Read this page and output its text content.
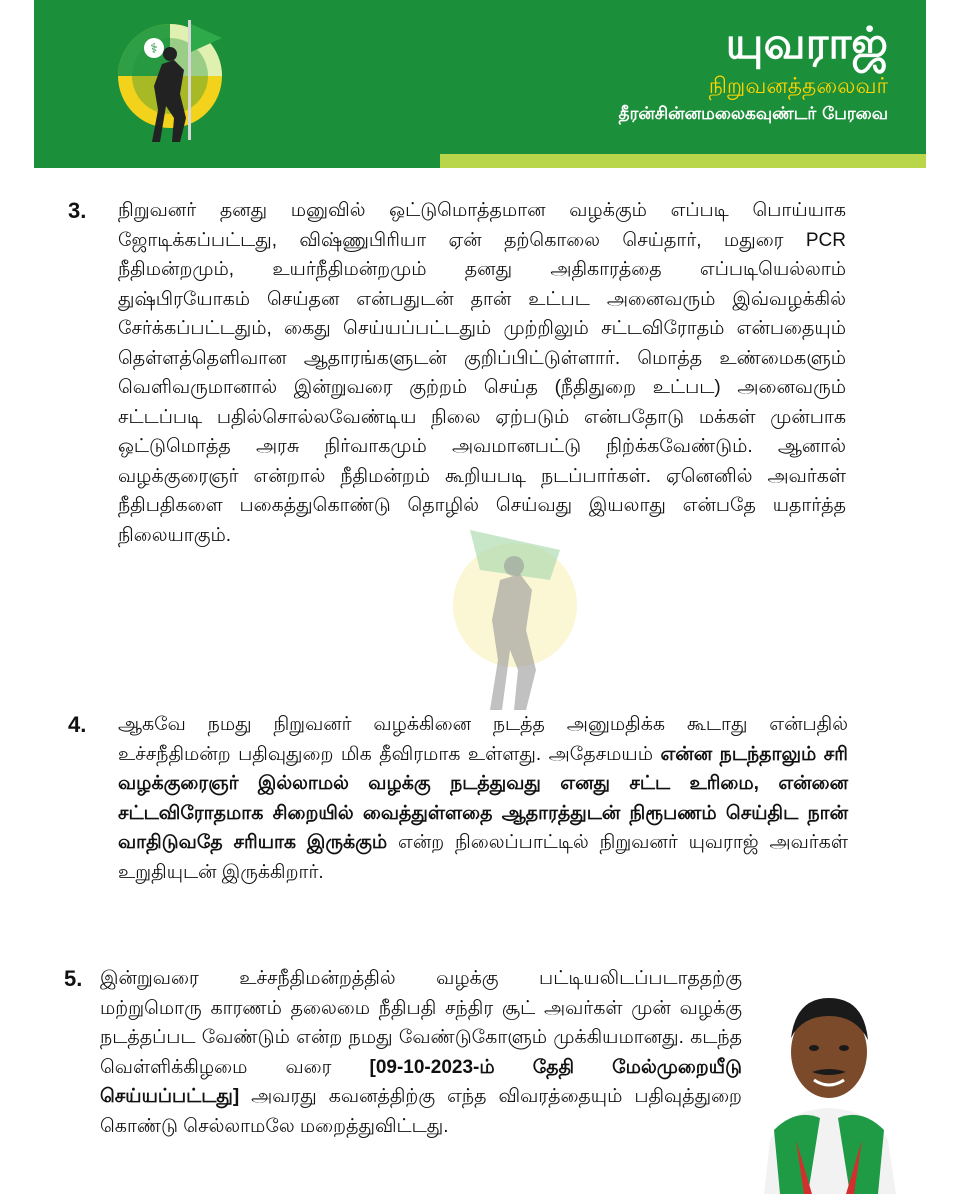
⚕	யுவராஜ்
நிறுவனத்தலைவர்
தீரன்சின்னமலைகவுண்டர் பேரவை
3. நிறுவனர் தனது மனுவில் ஒட்டுமொத்தமான வழக்கும் எப்படி பொய்யாக ஜோடிக்கப்பட்டது, விஷ்ணுபிரியா ஏன் தற்கொலை செய்தார், மதுரை PCR நீதிமன்றமும், உயர்நீதிமன்றமும் தனது அதிகாரத்தை எப்படியெல்லாம் துஷ்பிரயோகம் செய்தன என்பதுடன் தான் உட்பட அனைவரும் இவ்வழக்கில் சேர்க்கப்பட்டதும், கைது செய்யப்பட்டதும் முற்றிலும் சட்டவிரோதம் என்பதையும் தெள்ளத்தெளிவான ஆதாரங்களுடன் குறிப்பிட்டுள்ளார். மொத்த உண்மைகளும் வெளிவருமானால் இன்றுவரை குற்றம் செய்த (நீதிதுறை உட்பட) அனைவரும் சட்டப்படி பதில்சொல்லவேண்டிய நிலை ஏற்படும் என்பதோடு மக்கள் முன்பாக ஒட்டுமொத்த அரசு நிர்வாகமும் அவமானபட்டு நிற்க்கவேண்டும். ஆனால் வழக்குரைஞர் என்றால் நீதிமன்றம் கூறியபடி நடப்பார்கள். ஏனெனில் அவர்கள் நீதிபதிகளை பகைத்துகொண்டு தொழில் செய்வது இயலாது என்பதே யதார்த்த நிலையாகும்.
4. ஆகவே நமது நிறுவனர் வழக்கினை நடத்த அனுமதிக்க கூடாது என்பதில் உச்சநீதிமன்ற பதிவுதுறை மிக தீவிரமாக உள்ளது. அதேசமயம் என்ன நடந்தாலும் சரி வழக்குரைஞர் இல்லாமல் வழக்கு நடத்துவது எனது சட்ட உரிமை, என்னை சட்டவிரோதமாக சிறையில் வைத்துள்ளதை ஆதாரத்துடன் நிரூபணம் செய்திட நான் வாதிடுவதே சரியாக இருக்கும் என்ற நிலைப்பாட்டில் நிறுவனர் யுவராஜ் அவர்கள் உறுதியுடன் இருக்கிறார்.
5. இன்றுவரை உச்சநீதிமன்றத்தில் வழக்கு பட்டியலிடப்படாததற்கு மற்றுமொரு காரணம் தலைமை நீதிபதி சந்திர சூட் அவர்கள் முன் வழக்கு நடத்தப்பட வேண்டும் என்ற நமது வேண்டுகோளும் முக்கியமானது. கடந்த வெள்ளிக்கிழமை வரை [09-10-2023-ம் தேதி மேல்முறையீடு செய்யப்பட்டது] அவரது கவனத்திற்கு எந்த விவரத்தையும் பதிவுத்துறை கொண்டு செல்லாமலே மறைத்துவிட்டது.
